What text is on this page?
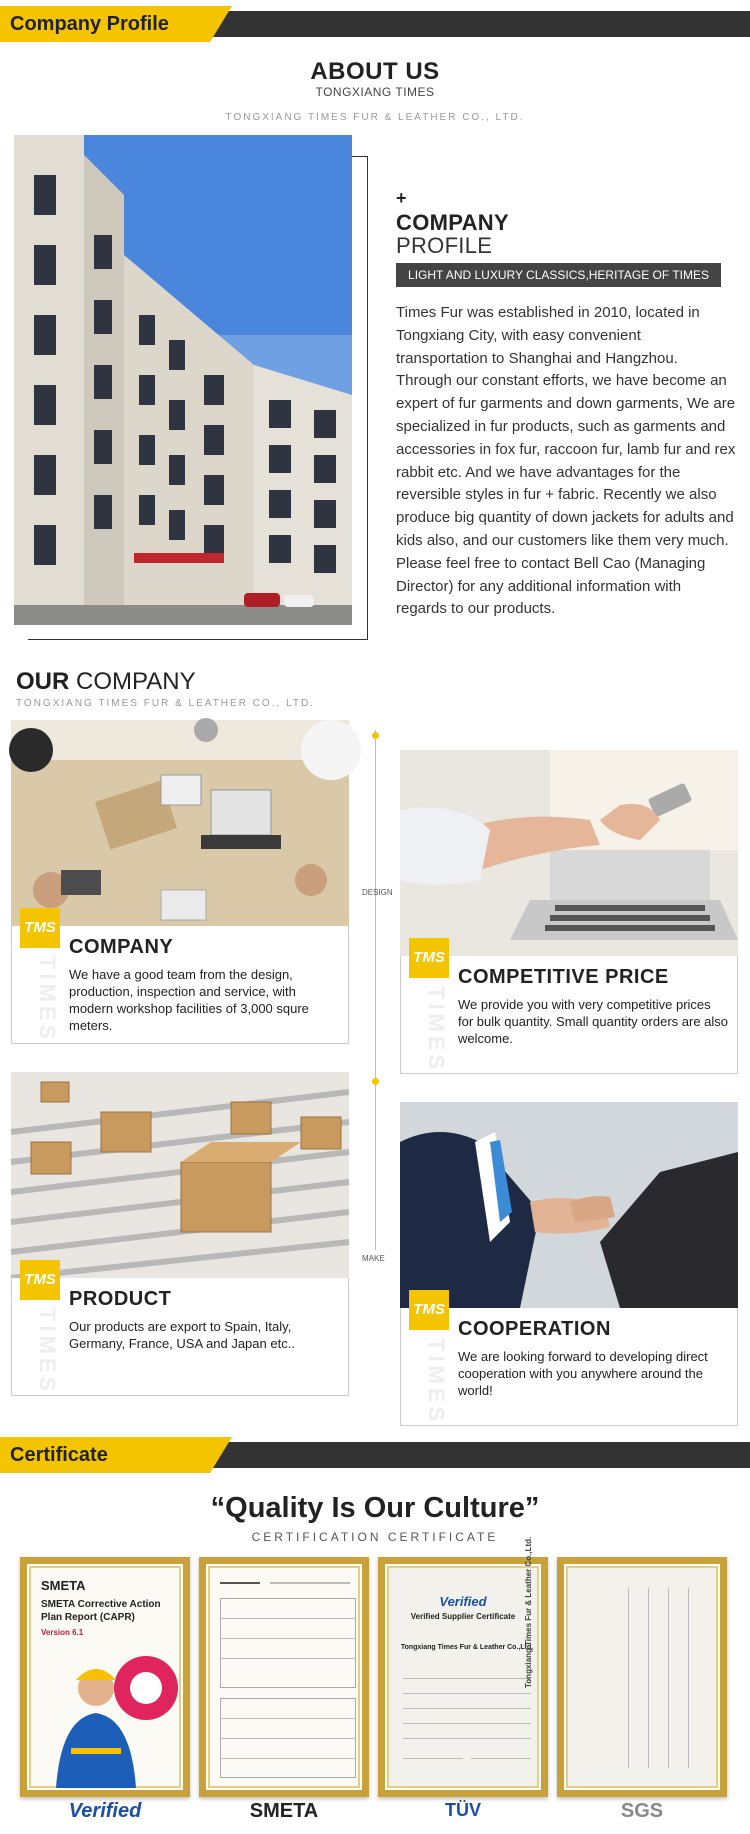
Company Profile
ABOUT US
TONGXIANG TIMES
TONGXIANG TIMES FUR & LEATHER CO., LTD.
+
COMPANY
PROFILE
LIGHT AND LUXURY CLASSICS,HERITAGE OF TIMES
Times Fur was established in 2010, located in Tongxiang City, with easy convenient transportation to Shanghai and Hangzhou. Through our constant efforts, we have become an expert of fur garments and down garments, We are specialized in fur products, such as garments and accessories in fox fur, raccoon fur, lamb fur and rex rabbit etc. And we have advantages for the reversible styles in fur + fabric. Recently we also produce big quantity of down jackets for adults and kids also, and our customers like them very much. Please feel free to contact Bell Cao (Managing Director) for any additional information with regards to our products.
OUR COMPANY
TONGXIANG TIMES FUR & LEATHER CO., LTD.
DESIGN
MAKE
TMS
TIMES
COMPANY
We have a good team from the design, production, inspection and service, with modern workshop facilities of 3,000 squre meters.
TMS
TIMES
COMPETITIVE PRICE
We provide you with very competitive prices for bulk quantity. Small quantity orders are also welcome.
TMS
TIMES
PRODUCT
Our products are export to Spain, Italy, Germany, France, USA and Japan etc..
TMS
TIMES
COOPERATION
We are looking forward to developing direct cooperation with you anywhere around the world!
Certificate
“Quality Is Our Culture”
CERTIFICATION CERTIFICATE
SMETA
SMETA Corrective Action Plan Report (CAPR)
Version 6.1
Verified
Verified Supplier Certificate
Tongxiang Times Fur & Leather Co.,Ltd.
Tongxiang Times Fur & Leather Co.,Ltd.
Verified	SMETA	TÜV	SGS
